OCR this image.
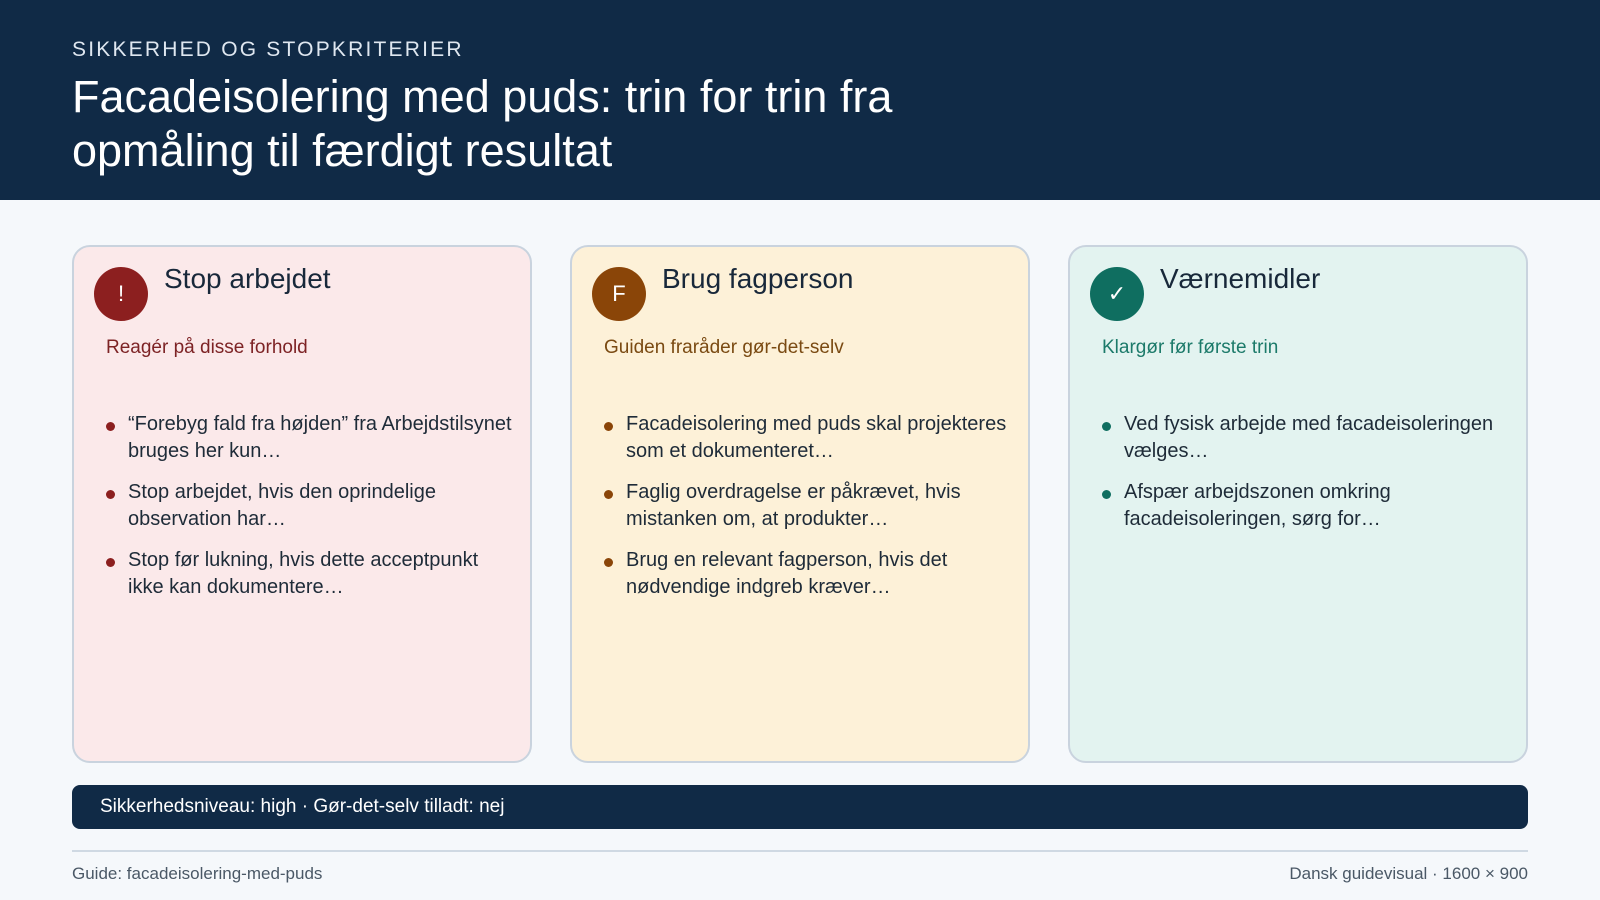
SIKKERHED OG STOPKRITERIER
Facadeisolering med puds: trin for trin fra opmåling til færdigt resultat
!	Stop arbejdet
Reagér på disse forhold
“Forebyg fald fra højden” fra Arbejdstilsynet bruges her kun…
Stop arbejdet, hvis den oprindelige observation har…
Stop før lukning, hvis dette acceptpunkt ikke kan dokumentere…
F	Brug fagperson
Guiden fraråder gør-det-selv
Facadeisolering med puds skal projekteres som et dokumenteret…
Faglig overdragelse er påkrævet, hvis mistanken om, at produkter…
Brug en relevant fagperson, hvis det nødvendige indgreb kræver…
✓	Værnemidler
Klargør før første trin
Ved fysisk arbejde med facadeisoleringen vælges…
Afspær arbejdszonen omkring facadeisoleringen, sørg for…
Sikkerhedsniveau: high · Gør-det-selv tilladt: nej
Guide: facadeisolering-med-puds	Dansk guidevisual · 1600 × 900
